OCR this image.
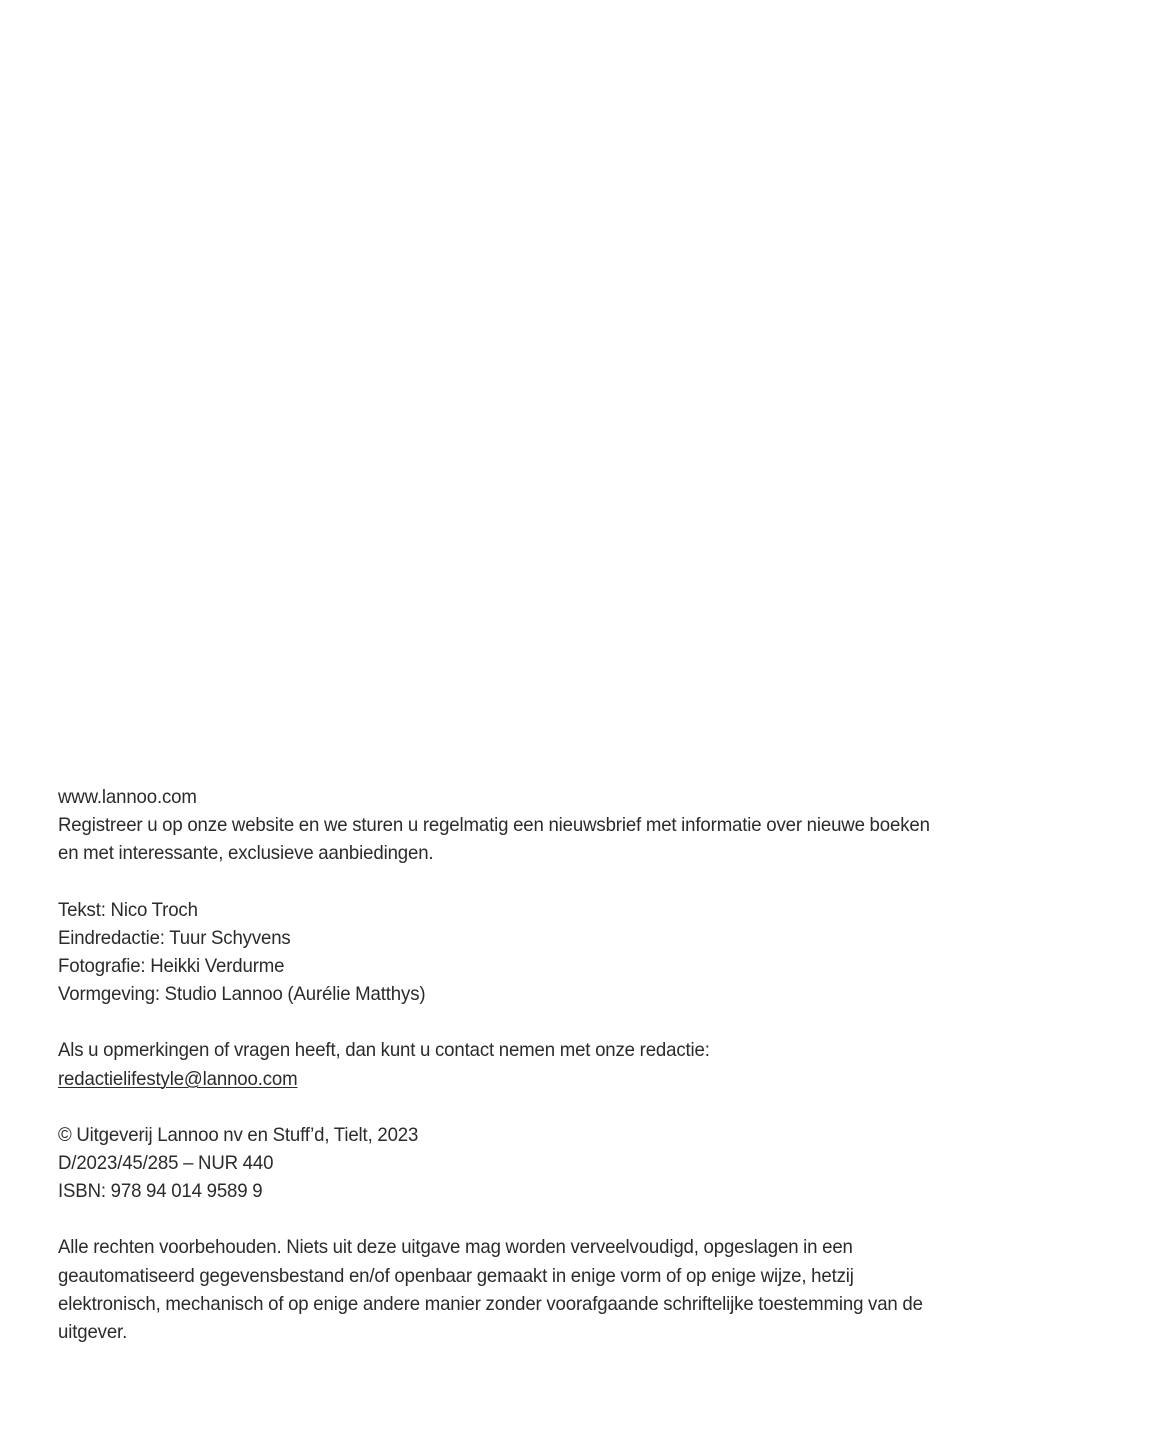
www.lannoo.com
Registreer u op onze website en we sturen u regelmatig een nieuwsbrief met informatie over nieuwe boeken en met interessante, exclusieve aanbiedingen.

Tekst: Nico Troch
Eindredactie: Tuur Schyvens
Fotografie: Heikki Verdurme
Vormgeving: Studio Lannoo (Aurélie Matthys)

Als u opmerkingen of vragen heeft, dan kunt u contact nemen met onze redactie:
redactielifestyle@lannoo.com

© Uitgeverij Lannoo nv en Stuff’d, Tielt, 2023
D/2023/45/285 – NUR 440
ISBN: 978 94 014 9589 9

Alle rechten voorbehouden. Niets uit deze uitgave mag worden verveelvoudigd, opgeslagen in een geautomatiseerd gegevensbestand en/of openbaar gemaakt in enige vorm of op enige wijze, hetzij elektronisch, mechanisch of op enige andere manier zonder voorafgaande schriftelijke toestemming van de uitgever.
